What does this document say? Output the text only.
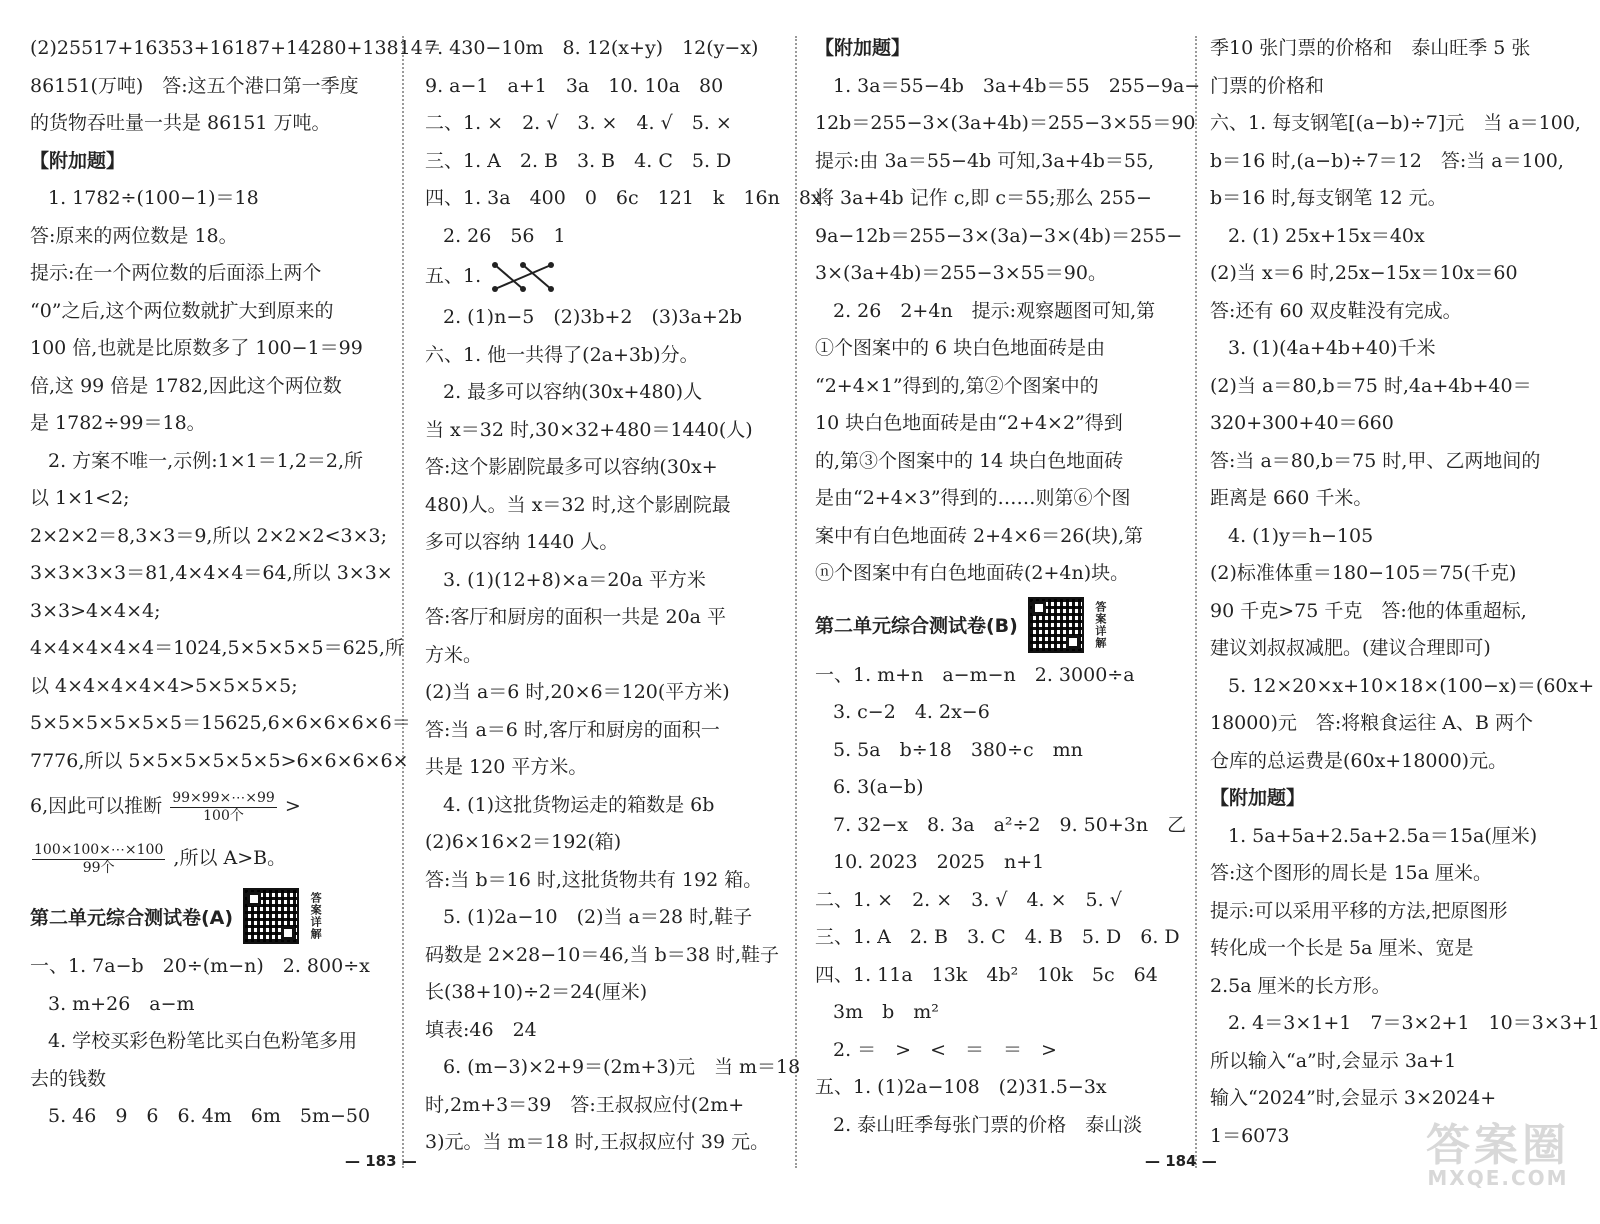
(2)25517+16353+16187+14280+13814＝
86151(万吨)　答:这五个港口第一季度
的货物吞吐量一共是 86151 万吨。
【附加题】
1. 1782÷(100−1)＝18
答:原来的两位数是 18。
提示:在一个两位数的后面添上两个
“0”之后,这个两位数就扩大到原来的
100 倍,也就是比原数多了 100−1＝99
倍,这 99 倍是 1782,因此这个两位数
是 1782÷99＝18。
2. 方案不唯一,示例:1×1＝1,2＝2,所
以 1×1<2;
2×2×2＝8,3×3＝9,所以 2×2×2<3×3;
3×3×3×3＝81,4×4×4＝64,所以 3×3×
3×3>4×4×4;
4×4×4×4×4＝1024,5×5×5×5＝625,所
以 4×4×4×4×4>5×5×5×5;
5×5×5×5×5×5＝15625,6×6×6×6×6＝
7776,所以 5×5×5×5×5×5>6×6×6×6×
6,因此可以推断 $\frac{99\times 99\times\cdots\times 99}{\text{100个}}$ >
$\frac{100\times 100\times\cdots\times 100}{\text{99个}}$ ,所以 A>B。
第二单元综合测试卷(A)	答案详解
一、1. 7a−b　20÷(m−n)　2. 800÷x
3. m+26　a−m
4. 学校买彩色粉笔比买白色粉笔多用
去的钱数
5. 46　9　6　6. 4m　6m　5m−50
7. 430−10m　8. 12(x+y)　12(y−x)
9. a−1　a+1　3a　10. 10a　80
二、1. ×　2. √　3. ×　4. √　5. ×
三、1. A　2. B　3. B　4. C　5. D
四、1. 3a　400　0　6c　121　k　16n　8x
2. 26　56　1
五、1.
2. (1)n−5　(2)3b+2　(3)3a+2b
六、1. 他一共得了(2a+3b)分。
2. 最多可以容纳(30x+480)人
当 x＝32 时,30×32+480＝1440(人)
答:这个影剧院最多可以容纳(30x+
480)人。当 x＝32 时,这个影剧院最
多可以容纳 1440 人。
3. (1)(12+8)×a＝20a 平方米
答:客厅和厨房的面积一共是 20a 平
方米。
(2)当 a＝6 时,20×6＝120(平方米)
答:当 a＝6 时,客厅和厨房的面积一
共是 120 平方米。
4. (1)这批货物运走的箱数是 6b
(2)6×16×2＝192(箱)
答:当 b＝16 时,这批货物共有 192 箱。
5. (1)2a−10　(2)当 a＝28 时,鞋子
码数是 2×28−10＝46,当 b＝38 时,鞋子
长(38+10)÷2＝24(厘米)
填表:46　24
6. (m−3)×2+9＝(2m+3)元　当 m＝18
时,2m+3＝39　答:王叔叔应付(2m+
3)元。当 m＝18 时,王叔叔应付 39 元。
【附加题】
1. 3a＝55−4b　3a+4b＝55　255−9a−
12b＝255−3×(3a+4b)＝255−3×55＝90
提示:由 3a＝55−4b 可知,3a+4b＝55,
将 3a+4b 记作 c,即 c＝55;那么 255−
9a−12b＝255−3×(3a)−3×(4b)＝255−
3×(3a+4b)＝255−3×55＝90。
2. 26　2+4n　提示:观察题图可知,第
①个图案中的 6 块白色地面砖是由
“2+4×1”得到的,第②个图案中的
10 块白色地面砖是由“2+4×2”得到
的,第③个图案中的 14 块白色地面砖
是由“2+4×3”得到的……则第⑥个图
案中有白色地面砖 2+4×6＝26(块),第
ⓝ个图案中有白色地面砖(2+4n)块。
第二单元综合测试卷(B)	答案详解
一、1. m+n　a−m−n　2. 3000÷a
3. c−2　4. 2x−6
5. 5a　b÷18　380÷c　mn
6. 3(a−b)
7. 32−x　8. 3a　a²÷2　9. 50+3n　乙
10. 2023　2025　n+1
二、1. ×　2. ×　3. √　4. ×　5. √
三、1. A　2. B　3. C　4. B　5. D　6. D
四、1. 11a　13k　4b²　10k　5c　64
3m　b　m²
2. ＝　>　<　＝　＝　>
五、1. (1)2a−108　(2)31.5−3x
2. 泰山旺季每张门票的价格　泰山淡
季10 张门票的价格和　泰山旺季 5 张
门票的价格和
六、1. 每支钢笔[(a−b)÷7]元　当 a＝100,
b＝16 时,(a−b)÷7＝12　答:当 a＝100,
b＝16 时,每支钢笔 12 元。
2. (1) 25x+15x＝40x
(2)当 x＝6 时,25x−15x＝10x＝60
答:还有 60 双皮鞋没有完成。
3. (1)(4a+4b+40)千米
(2)当 a＝80,b＝75 时,4a+4b+40＝
320+300+40＝660
答:当 a＝80,b＝75 时,甲、乙两地间的
距离是 660 千米。
4. (1)y＝h−105
(2)标准体重＝180−105＝75(千克)
90 千克>75 千克　答:他的体重超标,
建议刘叔叔减肥。(建议合理即可)
5. 12×20×x+10×18×(100−x)＝(60x+
18000)元　答:将粮食运往 A、B 两个
仓库的总运费是(60x+18000)元。
【附加题】
1. 5a+5a+2.5a+2.5a＝15a(厘米)
答:这个图形的周长是 15a 厘米。
提示:可以采用平移的方法,把原图形
转化成一个长是 5a 厘米、宽是
2.5a 厘米的长方形。
2. 4＝3×1+1　7＝3×2+1　10＝3×3+1
所以输入“a”时,会显示 3a+1
输入“2024”时,会显示 3×2024+
1＝6073
— 183 —	— 184 —	答案圈
MXQE.COM
